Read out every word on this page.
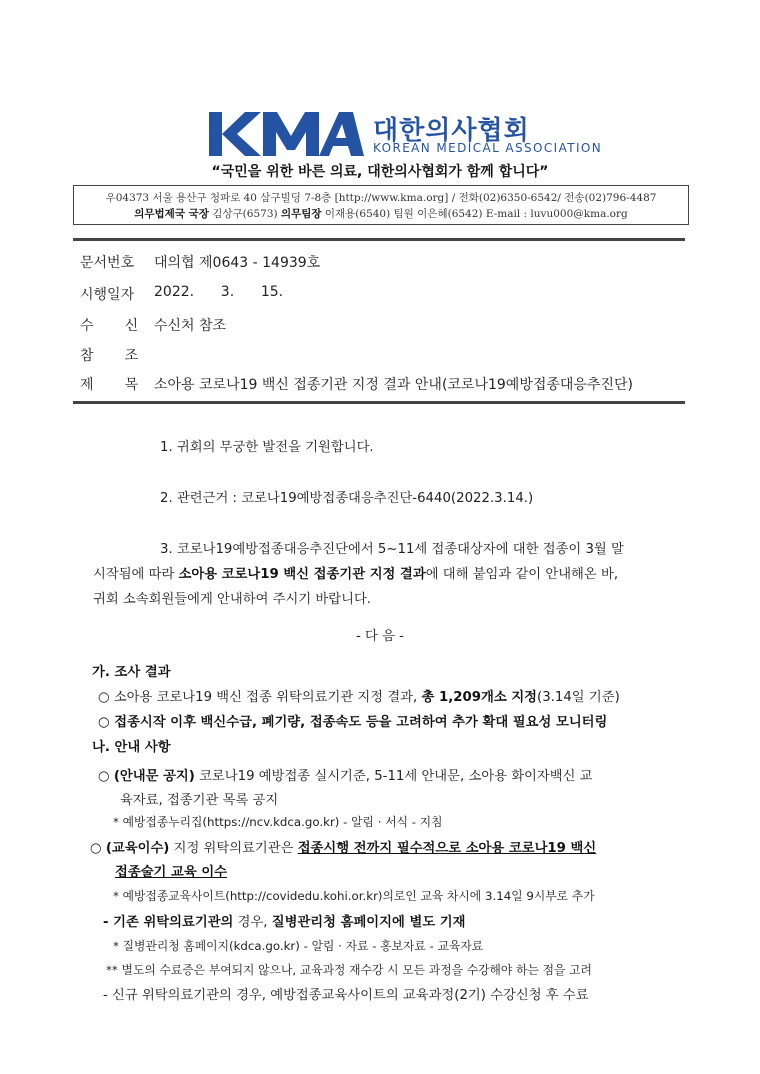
KMA
대한의사협회
KOREAN MEDICAL ASSOCIATION
“국민을 위한 바른 의료, 대한의사협회가 함께 합니다”
우04373 서울 용산구 청파로 40 삼구빌딩 7-8층 [http://www.kma.org] / 전화(02)6350-6542/ 전송(02)796-4487
의무법제국 국장 김상구(6573) 의무팀장 이재용(6540) 팀원 이은혜(6542) E-mail : luvu000@kma.org
문서번호 대의협 제0643 - 14939호
시행일자 2022.      3.      15.
수       신 수신처 참조
참       조
제       목 소아용 코로나19 백신 접종기관 지정 결과 안내(코로나19예방접종대응추진단)
1. 귀회의 무궁한 발전을 기원합니다.
2. 관련근거 : 코로나19예방접종대응추진단-6440(2022.3.14.)
3. 코로나19예방접종대응추진단에서 5~11세 접종대상자에 대한 접종이 3월 말
시작됨에 따라 소아용 코로나19 백신 접종기관 지정 결과에 대해 붙임과 같이 안내해온 바,
귀회 소속회원들에게 안내하여 주시기 바랍니다.
- 다 음 -
가. 조사 결과
○ 소아용 코로나19 백신 접종 위탁의료기관 지정 결과, 총 1,209개소 지정(3.14일 기준)
○ 접종시작 이후 백신수급, 폐기량, 접종속도 등을 고려하여 추가 확대 필요성 모니터링
나. 안내 사항
○ (안내문 공지) 코로나19 예방접종 실시기준, 5-11세 안내문, 소아용 화이자백신 교
육자료, 접종기관 목록 공지
* 예방접종누리집(https://ncv.kdca.go.kr) - 알림 · 서식 - 지침
○ (교육이수) 지정 위탁의료기관은 접종시행 전까지 필수적으로 소아용 코로나19 백신
접종술기 교육 이수
* 예방접종교육사이트(http://covidedu.kohi.or.kr)의로인 교육 차시에 3.14일 9시부로 추가
- 기존 위탁의료기관의 경우, 질병관리청 홈페이지에 별도 기재
* 질병관리청 홈페이지(kdca.go.kr) - 알림 · 자료 - 홍보자료 - 교육자료
** 별도의 수료증은 부여되지 않으나, 교육과정 재수강 시 모든 과정을 수강해야 하는 점을 고려
- 신규 위탁의료기관의 경우, 예방접종교육사이트의 교육과정(2기) 수강신청 후 수료
